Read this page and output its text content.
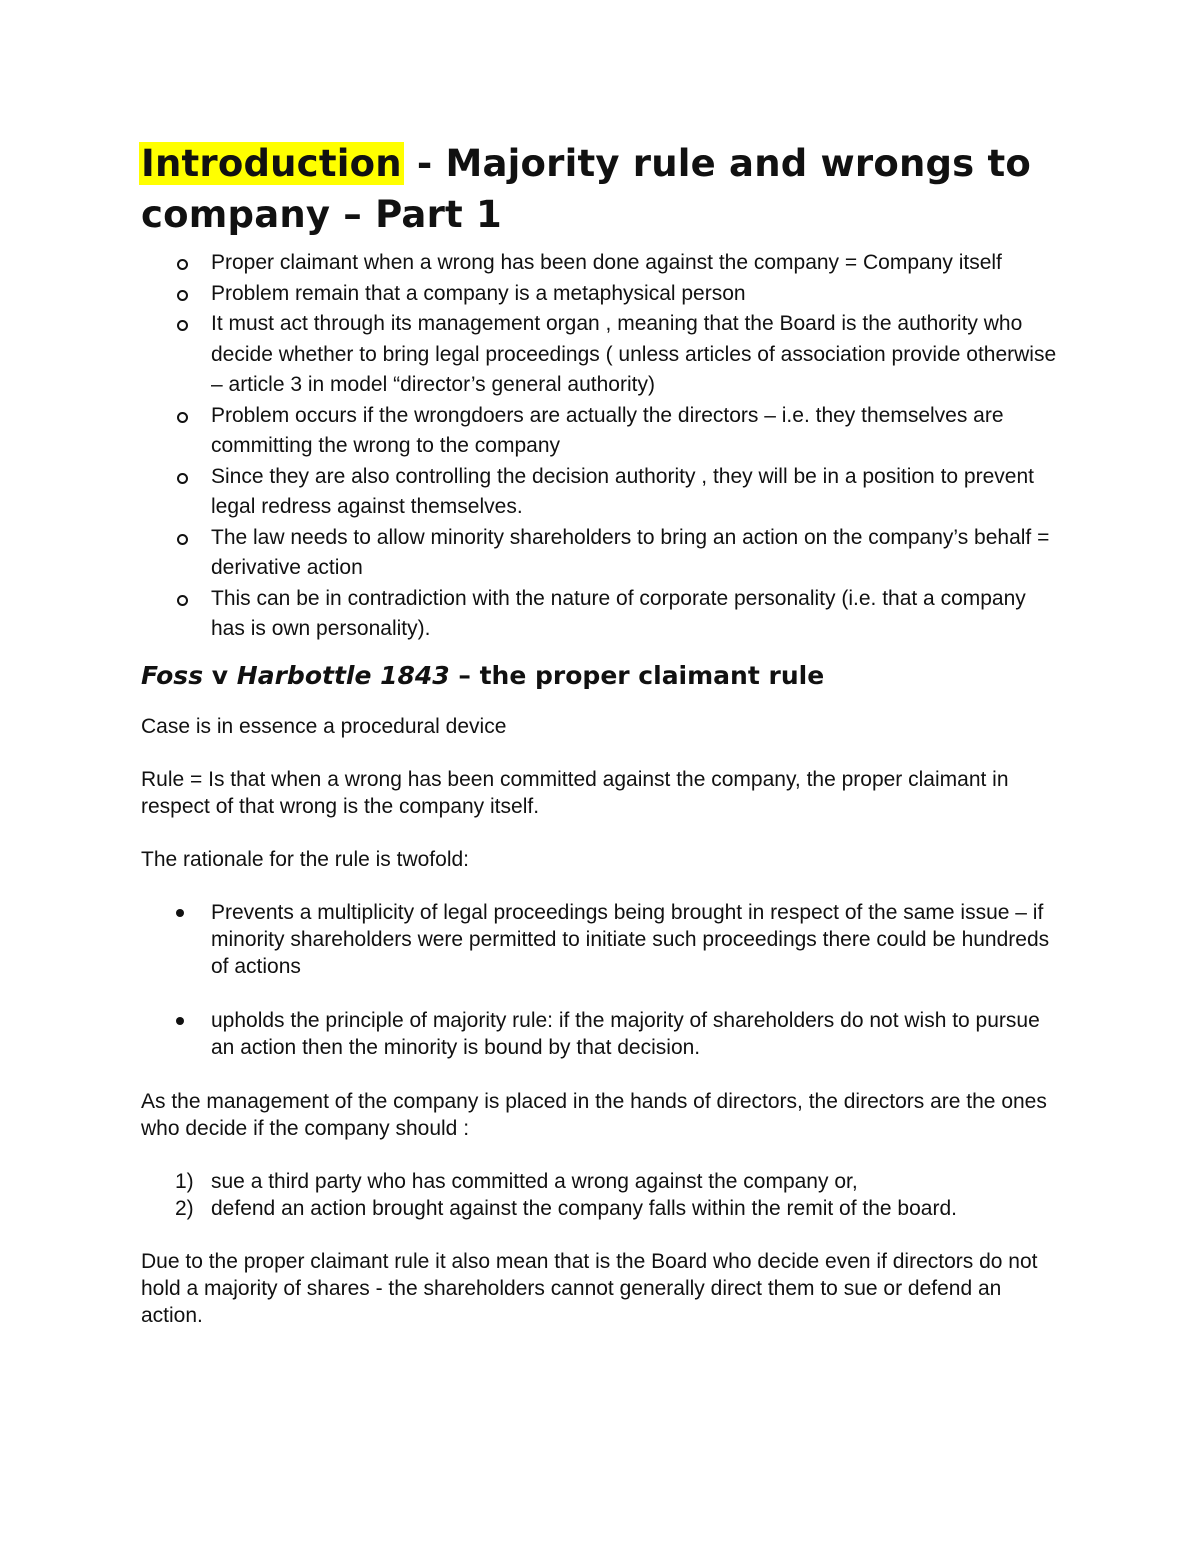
Introduction - Majority rule and wrongs to company – Part 1
Proper claimant when a wrong has been done against the company = Company itself
Problem remain that a company is a metaphysical person
It must act through its management organ , meaning that the Board is the authority who decide whether to bring legal proceedings ( unless articles of association provide otherwise – article 3 in model “director’s general authority)
Problem occurs if the wrongdoers are actually the directors – i.e. they themselves are committing the wrong to the company
Since they are also controlling the decision authority , they will be in a position to prevent legal redress against themselves.
The law needs to allow minority shareholders to bring an action on the company’s behalf = derivative action
This can be in contradiction with the nature of corporate personality (i.e. that a company has is own personality).
Foss v Harbottle 1843 – the proper claimant rule

Case is in essence a procedural device

Rule = Is that when a wrong has been committed against the company, the proper claimant in respect of that wrong is the company itself.

The rationale for the rule is twofold:

Prevents a multiplicity of legal proceedings being brought in respect of the same issue – if minority shareholders were permitted to initiate such proceedings there could be hundreds of actions
upholds the principle of majority rule: if the majority of shareholders do not wish to pursue an action then the minority is bound by that decision.

As the management of the company is placed in the hands of directors, the directors are the ones who decide if the company should :

1) sue a third party who has committed a wrong against the company or,
2) defend an action brought against the company falls within the remit of the board.

Due to the proper claimant rule it also mean that is the Board who decide even if directors do not hold a majority of shares - the shareholders cannot generally direct them to sue or defend an action.
